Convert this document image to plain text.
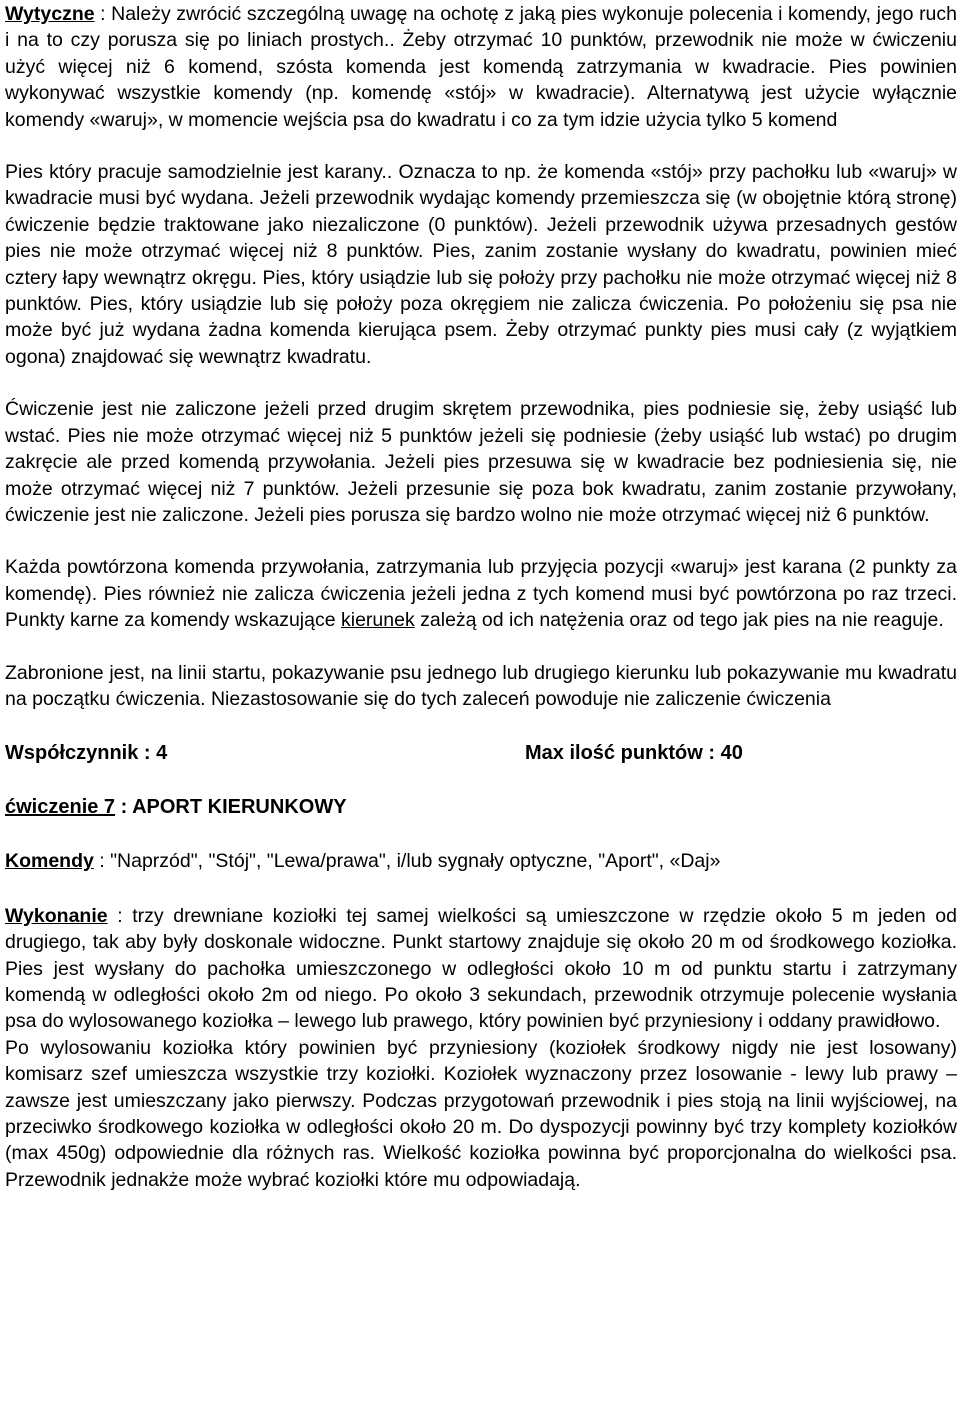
Wytyczne : Należy zwrócić szczególną uwagę na ochotę z jaką pies wykonuje polecenia i komendy, jego ruch i na to czy porusza się po liniach prostych.. Żeby otrzymać 10 punktów, przewodnik nie może w ćwiczeniu użyć więcej niż 6 komend, szósta komenda jest komendą zatrzymania w kwadracie. Pies powinien wykonywać wszystkie komendy (np. komendę «stój» w kwadracie). Alternatywą jest użycie wyłącznie komendy «waruj», w momencie wejścia psa do kwadratu i co za tym idzie użycia tylko 5 komend

Pies który pracuje samodzielnie jest karany.. Oznacza to np. że komenda «stój» przy pachołku lub «waruj» w kwadracie musi być wydana. Jeżeli przewodnik wydając komendy przemieszcza się (w obojętnie którą stronę) ćwiczenie będzie traktowane jako niezaliczone (0 punktów). Jeżeli przewodnik używa przesadnych gestów pies nie może otrzymać więcej niż 8 punktów. Pies, zanim zostanie wysłany do kwadratu, powinien mieć cztery łapy wewnątrz okręgu. Pies, który usiądzie lub się położy przy pachołku nie może otrzymać więcej niż 8 punktów. Pies, który usiądzie lub się położy poza okręgiem nie zalicza ćwiczenia. Po położeniu się psa nie może być już wydana żadna komenda kierująca psem. Żeby otrzymać punkty pies musi cały (z wyjątkiem ogona) znajdować się wewnątrz kwadratu.

Ćwiczenie jest nie zaliczone jeżeli przed drugim skrętem przewodnika, pies podniesie się, żeby usiąść lub wstać. Pies nie może otrzymać więcej niż 5 punktów jeżeli się podniesie (żeby usiąść lub wstać) po drugim zakręcie ale przed komendą przywołania. Jeżeli pies przesuwa się w kwadracie bez podniesienia się, nie może otrzymać więcej niż 7 punktów. Jeżeli przesunie się poza bok kwadratu, zanim zostanie przywołany, ćwiczenie jest nie zaliczone. Jeżeli pies porusza się bardzo wolno nie może otrzymać więcej niż 6 punktów.

Każda powtórzona komenda przywołania, zatrzymania lub przyjęcia pozycji «waruj» jest karana (2 punkty za komendę). Pies również nie zalicza ćwiczenia jeżeli jedna z tych komend musi być powtórzona po raz trzeci. Punkty karne za komendy wskazujące kierunek zależą od ich natężenia oraz od tego jak pies na nie reaguje.

Zabronione jest, na linii startu, pokazywanie psu jednego lub drugiego kierunku lub pokazywanie mu kwadratu na początku ćwiczenia. Niezastosowanie się do tych zaleceń powoduje nie zaliczenie ćwiczenia

Współczynnik : 4	Max ilość punktów : 40
ćwiczenie 7 : APORT KIERUNKOWY

Komendy : "Naprzód", "Stój", "Lewa/prawa", i/lub sygnały optyczne, "Aport", «Daj»

Wykonanie : trzy drewniane koziołki tej samej wielkości są umieszczone w rzędzie około 5 m jeden od drugiego, tak aby były doskonale widoczne. Punkt startowy znajduje się około 20 m od środkowego koziołka. Pies jest wysłany do pachołka umieszczonego w odległości około 10 m od punktu startu i zatrzymany komendą w odległości około 2m od niego. Po około 3 sekundach, przewodnik otrzymuje polecenie wysłania psa do wylosowanego koziołka – lewego lub prawego, który powinien być przyniesiony i oddany prawidłowo.

Po wylosowaniu koziołka który powinien być przyniesiony (koziołek środkowy nigdy nie jest losowany) komisarz szef umieszcza wszystkie trzy koziołki. Koziołek wyznaczony przez losowanie - lewy lub prawy – zawsze jest umieszczany jako pierwszy. Podczas przygotowań przewodnik i pies stoją na linii wyjściowej, na przeciwko środkowego koziołka w odległości około 20 m. Do dyspozycji powinny być trzy komplety koziołków (max 450g) odpowiednie dla różnych ras. Wielkość koziołka powinna być proporcjonalna do wielkości psa. Przewodnik jednakże może wybrać koziołki które mu odpowiadają.
